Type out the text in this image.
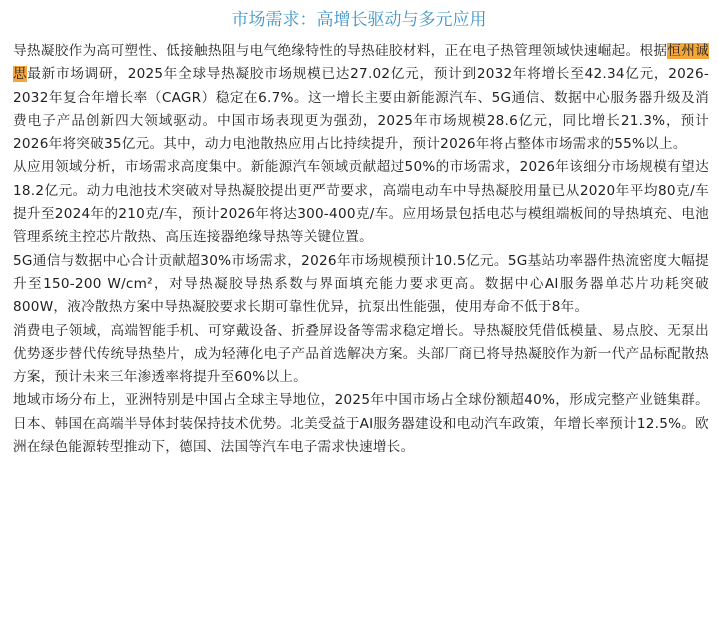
市场需求：高增长驱动与多元应用

导热凝胶作为高可塑性、低接触热阻与电气绝缘特性的导热硅胶材料，正在电子热管理领域快速崛起。根据恒州诚思最新市场调研，2025年全球导热凝胶市场规模已达27.02亿元，预计到2032年将增长至42.34亿元，2026-2032年复合年增长率（CAGR）稳定在6.7%。这一增长主要由新能源汽车、5G通信、数据中心服务器升级及消费电子产品创新四大领域驱动。中国市场表现更为强劲，2025年市场规模28.6亿元，同比增长21.3%，预计2026年将突破35亿元。其中，动力电池散热应用占比持续提升，预计2026年将占整体市场需求的55%以上。

从应用领域分析，市场需求高度集中。新能源汽车领域贡献超过50%的市场需求，2026年该细分市场规模有望达18.2亿元。动力电池技术突破对导热凝胶提出更严苛要求，高端电动车中导热凝胶用量已从2020年平均80克/车提升至2024年的210克/车，预计2026年将达300-400克/车。应用场景包括电芯与模组端板间的导热填充、电池管理系统主控芯片散热、高压连接器绝缘导热等关键位置。

5G通信与数据中心合计贡献超30%市场需求，2026年市场规模预计10.5亿元。5G基站功率器件热流密度大幅提升至150-200 W/cm²，对导热凝胶导热系数与界面填充能力要求更高。数据中心AI服务器单芯片功耗突破800W，液冷散热方案中导热凝胶要求长期可靠性优异，抗泵出性能强，使用寿命不低于8年。

消费电子领域，高端智能手机、可穿戴设备、折叠屏设备等需求稳定增长。导热凝胶凭借低模量、易点胶、无泵出优势逐步替代传统导热垫片，成为轻薄化电子产品首选解决方案。头部厂商已将导热凝胶作为新一代产品标配散热方案，预计未来三年渗透率将提升至60%以上。

地域市场分布上，亚洲特别是中国占全球主导地位，2025年中国市场占全球份额超40%，形成完整产业链集群。日本、韩国在高端半导体封装保持技术优势。北美受益于AI服务器建设和电动汽车政策，年增长率预计12.5%。欧洲在绿色能源转型推动下，德国、法国等汽车电子需求快速增长。
